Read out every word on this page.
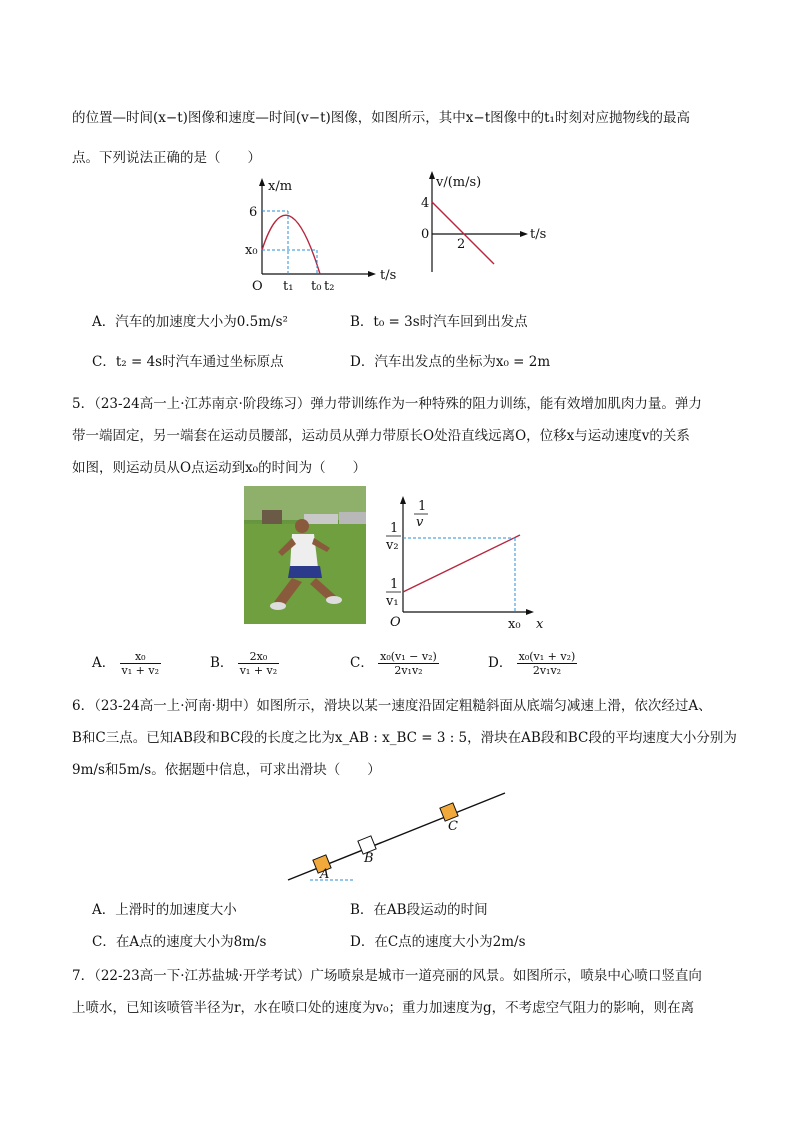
的位置—时间(x−t)图像和速度—时间(v−t)图像，如图所示，其中x−t图像中的t₁时刻对应抛物线的最高
点。下列说法正确的是（　　）
x/m
t/s
6
x₀
O t₁ t₀ t₂
v/(m/s)
t/s
4
0
2
A．汽车的加速度大小为0.5m/s²	B．t₀ = 3s时汽车回到出发点
C．t₂ = 4s时汽车通过坐标原点	D．汽车出发点的坐标为x₀ = 2m
5．（23-24高一上·江苏南京·阶段练习）弹力带训练作为一种特殊的阻力训练，能有效增加肌肉力量。弹力
带一端固定，另一端套在运动员腰部，运动员从弹力带原长O处沿直线远离O，位移x与运动速度v的关系
如图，则运动员从O点运动到x₀的时间为（　　）
1
v
1
v₂
1
v₁
O	x₀ x
A． $\frac{\text{x₀}}{\text{v₁ + v₂}}$	B． $\frac{\text{2x₀}}{\text{v₁ + v₂}}$	C． $\frac{\text{x₀(v₁ − v₂)}}{\text{2v₁v₂}}$	D． $\frac{\text{x₀(v₁ + v₂)}}{\text{2v₁v₂}}$
6．（23-24高一上·河南·期中）如图所示，滑块以某一速度沿固定粗糙斜面从底端匀减速上滑，依次经过A、
B和C三点。已知AB段和BC段的长度之比为x_AB : x_BC = 3 : 5，滑块在AB段和BC段的平均速度大小分别为
9m/s和5m/s。依据题中信息，可求出滑块（　　）
A
B
C
A．上滑时的加速度大小	B．在AB段运动的时间
C．在A点的速度大小为8m/s	D．在C点的速度大小为2m/s
7．（22-23高一下·江苏盐城·开学考试）广场喷泉是城市一道亮丽的风景。如图所示，喷泉中心喷口竖直向
上喷水，已知该喷管半径为r，水在喷口处的速度为v₀；重力加速度为g，不考虑空气阻力的影响，则在离
